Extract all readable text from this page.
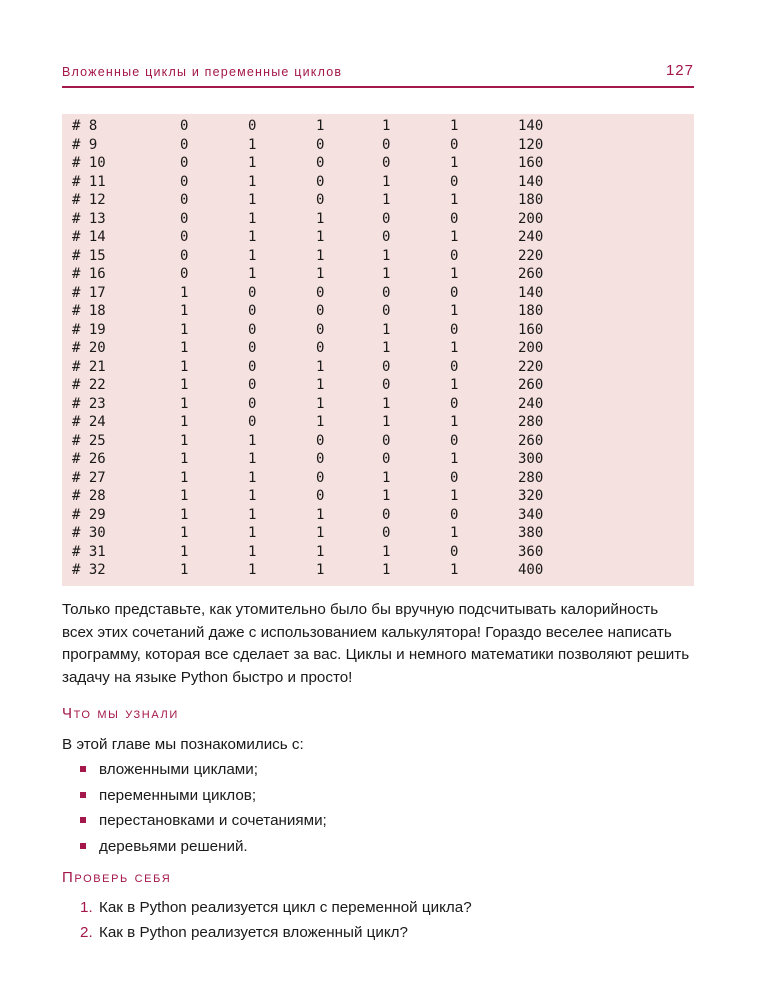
Вложенные циклы и переменные циклов	127
# 8	0	0	1	1	1	140
# 9	0	1	0	0	0	120
# 10	0	1	0	0	1	160
# 11	0	1	0	1	0	140
# 12	0	1	0	1	1	180
# 13	0	1	1	0	0	200
# 14	0	1	1	0	1	240
# 15	0	1	1	1	0	220
# 16	0	1	1	1	1	260
# 17	1	0	0	0	0	140
# 18	1	0	0	0	1	180
# 19	1	0	0	1	0	160
# 20	1	0	0	1	1	200
# 21	1	0	1	0	0	220
# 22	1	0	1	0	1	260
# 23	1	0	1	1	0	240
# 24	1	0	1	1	1	280
# 25	1	1	0	0	0	260
# 26	1	1	0	0	1	300
# 27	1	1	0	1	0	280
# 28	1	1	0	1	1	320
# 29	1	1	1	0	0	340
# 30	1	1	1	0	1	380
# 31	1	1	1	1	0	360
# 32	1	1	1	1	1	400
Только представьте, как утомительно было бы вручную подсчитывать калорийность
всех этих сочетаний даже с использованием калькулятора! Гораздо веселее написать
программу, которая все сделает за вас. Циклы и немного математики позволяют решить
задачу на языке Python быстро и просто!
Что мы узнали
В этой главе мы познакомились с:
вложенными циклами;
переменными циклов;
перестановками и сочетаниями;
деревьями решений.
Проверь себя
1. Как в Python реализуется цикл с переменной цикла?
2. Как в Python реализуется вложенный цикл?
